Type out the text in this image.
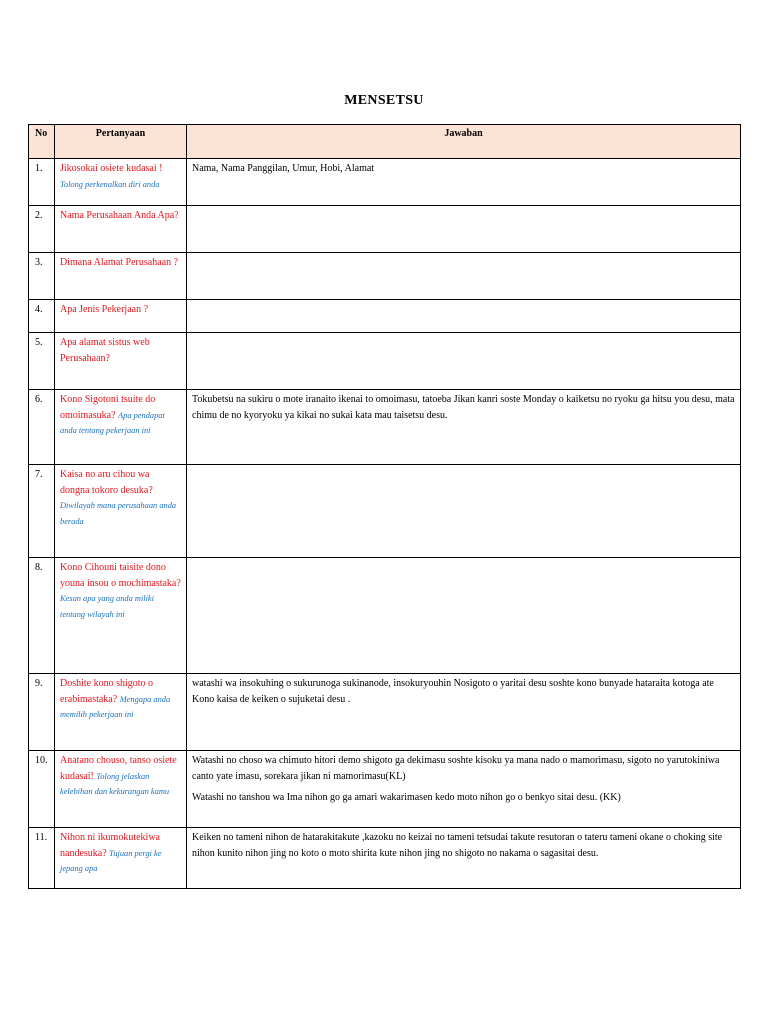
MENSETSU
No	Pertanyaan	Jawaban
1.	Jikosokai osiete kudasai ! Tolong perkenalkan diri anda	Nama, Nama Panggilan, Umur, Hobi, Alamat

2.	Nama Perusahaan Anda Apa?	
3.	Dimana Alamat Perusahaan ?	
4.	Apa Jenis Pekerjaan ?	
5.	Apa alamat sistus web Perusahaan?	
6.	Kono Sigotoni tsuite do omoimasuka? Apa pendapat anda tentang pekerjaan ini	Tokubetsu na sukiru o mote iranaito ikenai to omoimasu, tatoeba Jikan kanri soste Monday o kaiketsu no ryoku ga hitsu you desu, mata chimu de no kyoryoku ya kikai no sukai kata mau taisetsu desu.

7.	Kaisa no aru cihou wa dongna tokoro desuka? Diwilayah mana perusahaan anda berada	
8.	Kono Cihouni taisite dono youna insou o mochimastaka? Kesan apa yang anda miliki tentang wilayah ini	
9.	Doshite kono shigoto o erabimastaka? Mengapa anda memilih pekerjaan ini	watashi wa insokuhing o sukurunoga sukinanode, insokuryouhin Nosigoto o yaritai desu soshte kono bunyade hataraita kotoga ate Kono kaisa de keiken o sujuketai desu .

10.	Anatano chouso, tanso osiete kudasai! Tolong jelaskan kelebihan dan kekurangan kamu	Watashi no choso wa chimuto hitori demo shigoto ga dekimasu soshte kisoku ya mana nado o mamorimasu, sigoto no yarutokiniwa canto yate imasu, sorekara jikan ni mamorimasu(KL)
Watashi no tanshou wa Ima nihon go ga amari wakarimasen kedo moto nihon go o benkyo sitai desu. (KK)

11.	Nihon ni ikumokutekiwa nandesuka? Tujuan pergi ke jepang apa	Keiken no tameni nihon de hatarakitakute ,kazoku no keizai no tameni tetsudai takute resutoran o tateru tameni okane o choking site nihon kunito nihon jing no koto o moto shirita kute nihon jing no shigoto no nakama o sagasitai desu.
